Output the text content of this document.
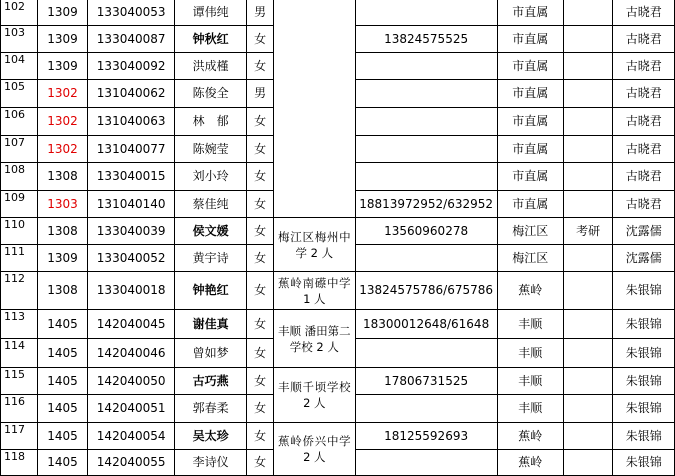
102	1309	133040053	谭伟纯	男			市直属		古晓君
103	1309	133040087	钟秋红	女		13824575525	市直属		古晓君
104	1309	133040092	洪成槿	女			市直属		古晓君
105	1302	131040062	陈俊全	男			市直属		古晓君
106	1302	131040063	林　郁	女			市直属		古晓君
107	1302	131040077	陈婉莹	女			市直属		古晓君
108	1308	133040015	刘小玲	女			市直属		古晓君
109	1303	131040140	蔡佳纯	女		18813972952/632952	市直属		古晓君
110	1308	133040039	侯文媛	女	梅江区梅州中学 2 人	13560960278	梅江区	考研	沈露儒
111	1309	133040052	黄宇诗	女			梅江区		沈露儒
112	1308	133040018	钟艳红	女	蕉岭南礤中学 1 人	13824575786/675786	蕉岭		朱银锦
113	1405	142040045	谢佳真	女	丰顺 潘田第二学校 2 人	18300012648/61648	丰顺		朱银锦
114	1405	142040046	曾如梦	女			丰顺		朱银锦
115	1405	142040050	古巧燕	女	丰顺千顷学校 2 人	17806731525	丰顺		朱银锦
116	1405	142040051	郭春柔	女			丰顺		朱银锦
117	1405	142040054	吴太珍	女	蕉岭侨兴中学 2 人	18125592693	蕉岭		朱银锦
118	1405	142040055	李诗仪	女			蕉岭		朱银锦
